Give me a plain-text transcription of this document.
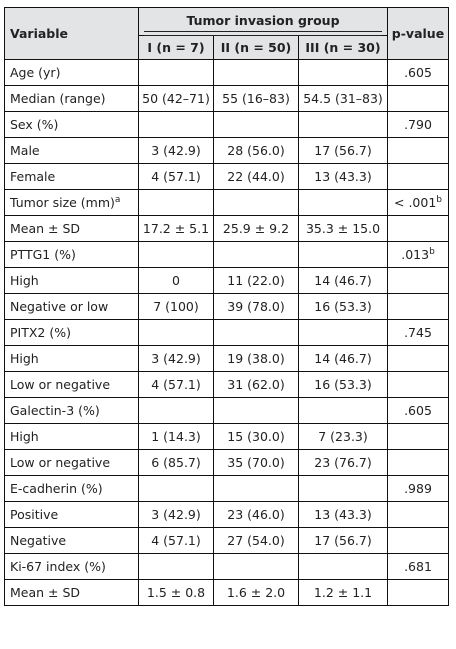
Variable	Tumor invasion group			p-value
	I (n = 7)	II (n = 50)	III (n = 30)	
Age (yr)				.605
Median (range)	50 (42–71)	55 (16–83)	54.5 (31–83)	
Sex (%)				.790
Male	3 (42.9)	28 (56.0)	17 (56.7)	
Female	4 (57.1)	22 (44.0)	13 (43.3)	
Tumor size (mm)$^a$				< .001$^b$
Mean ± SD	17.2 ± 5.1	25.9 ± 9.2	35.3 ± 15.0	
PTTG1 (%)				.013$^b$
High	0	11 (22.0)	14 (46.7)	
Negative or low	7 (100)	39 (78.0)	16 (53.3)	
PITX2 (%)				.745
High	3 (42.9)	19 (38.0)	14 (46.7)	
Low or negative	4 (57.1)	31 (62.0)	16 (53.3)	
Galectin-3 (%)				.605
High	1 (14.3)	15 (30.0)	7 (23.3)	
Low or negative	6 (85.7)	35 (70.0)	23 (76.7)	
E-cadherin (%)				.989
Positive	3 (42.9)	23 (46.0)	13 (43.3)	
Negative	4 (57.1)	27 (54.0)	17 (56.7)	
Ki-67 index (%)				.681
Mean ± SD	1.5 ± 0.8	1.6 ± 2.0	1.2 ± 1.1	
